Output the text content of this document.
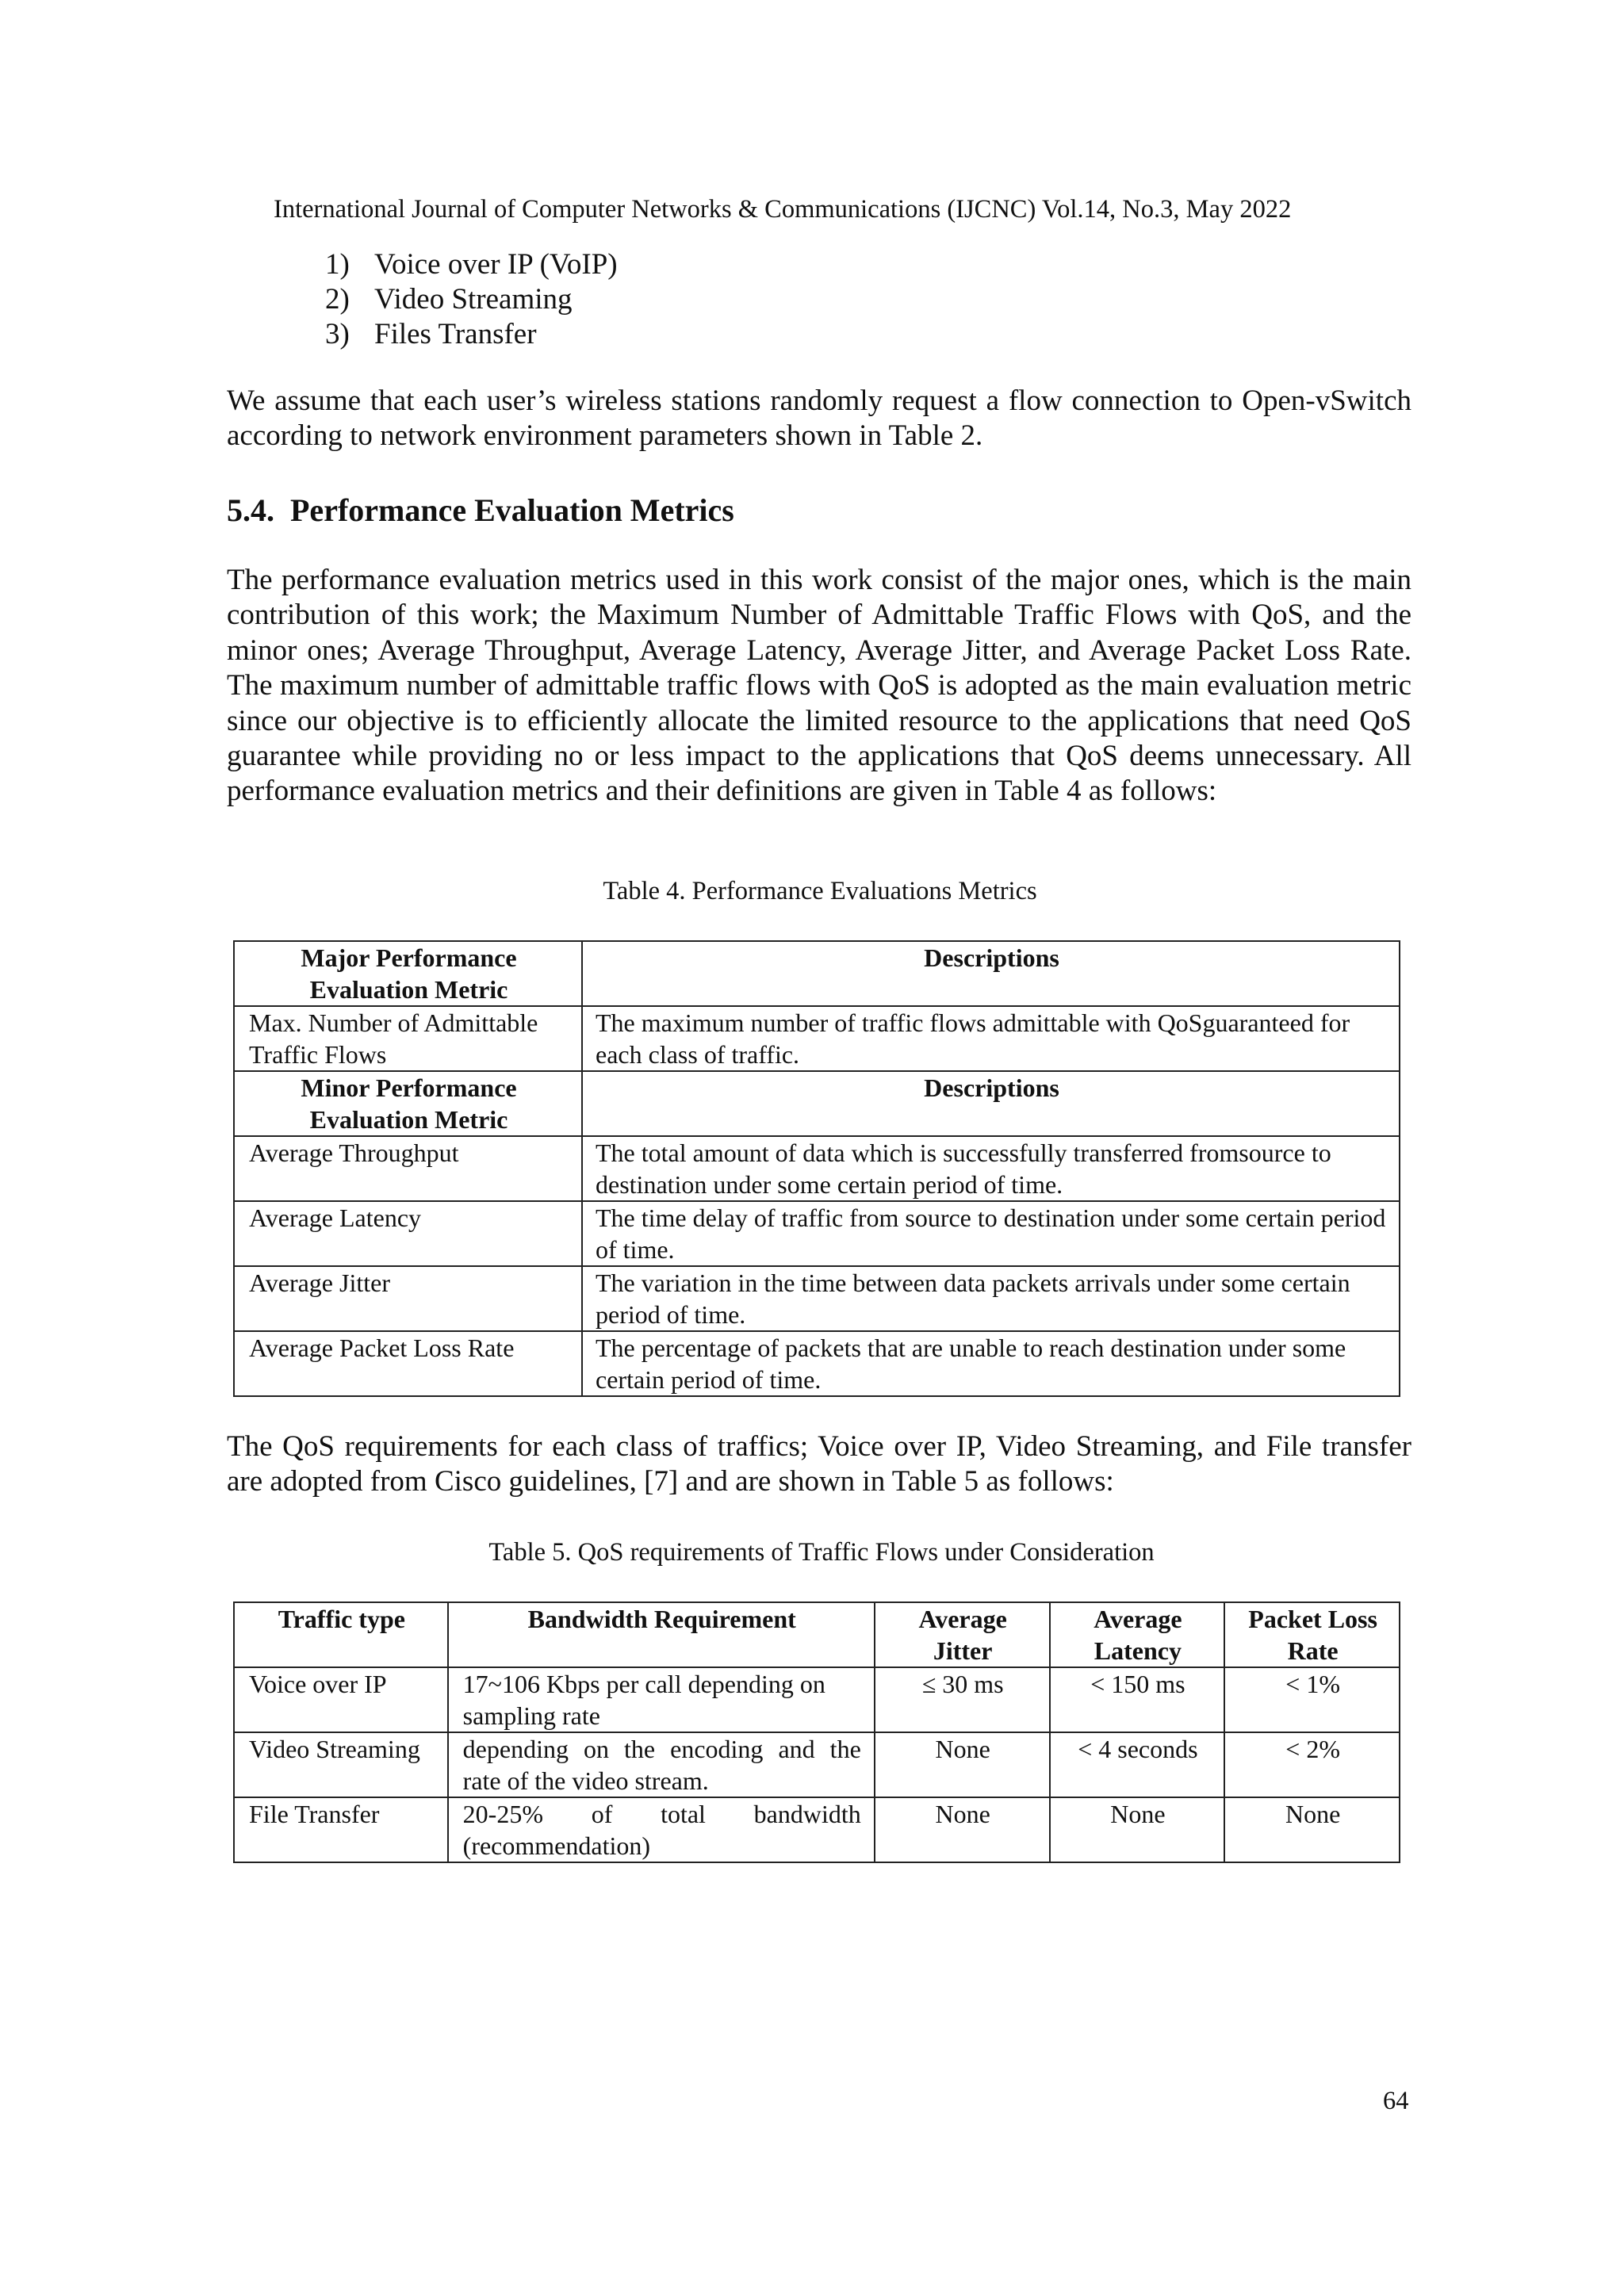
International Journal of Computer Networks & Communications (IJCNC) Vol.14, No.3, May 2022
1) Voice over IP (VoIP)
2) Video Streaming
3) Files Transfer
We assume that each user’s wireless stations randomly request a flow connection to Open-vSwitch according to network environment parameters shown in Table 2.
5.4. Performance Evaluation Metrics
The performance evaluation metrics used in this work consist of the major ones, which is the main contribution of this work; the Maximum Number of Admittable Traffic Flows with QoS, and the minor ones; Average Throughput, Average Latency, Average Jitter, and Average Packet Loss Rate. The maximum number of admittable traffic flows with QoS is adopted as the main evaluation metric since our objective is to efficiently allocate the limited resource to the applications that need QoS guarantee while providing no or less impact to the applications that QoS deems unnecessary. All performance evaluation metrics and their definitions are given in Table 4 as follows:
Table 4. Performance Evaluations Metrics
Major Performance Evaluation Metric	Descriptions
Max. Number of Admittable Traffic Flows	The maximum number of traffic flows admittable with QoSguaranteed for each class of traffic.
Minor Performance Evaluation Metric	Descriptions
Average Throughput	The total amount of data which is successfully transferred fromsource to destination under some certain period of time.
Average Latency	The time delay of traffic from source to destination under some certain period of time.
Average Jitter	The variation in the time between data packets arrivals under some certain period of time.
Average Packet Loss Rate	The percentage of packets that are unable to reach destination under some certain period of time.
The QoS requirements for each class of traffics; Voice over IP, Video Streaming, and File transfer are adopted from Cisco guidelines, [7] and are shown in Table 5 as follows:
Table 5. QoS requirements of Traffic Flows under Consideration
Traffic type	Bandwidth Requirement	Average Jitter	Average Latency	Packet Loss Rate
Voice over IP	17~106 Kbps per call depending on sampling rate	≤ 30 ms	< 150 ms	< 1%
Video Streaming	depending on the encoding and the rate of the video stream.	None	< 4 seconds	< 2%
File Transfer	20-25% of total bandwidth (recommendation)	None	None	None
64
